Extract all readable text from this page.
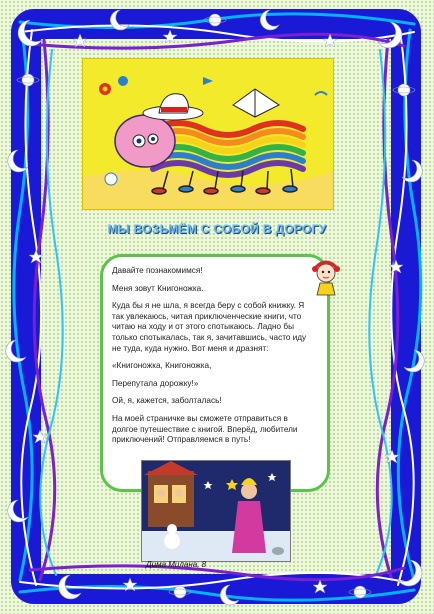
МЫ ВОЗЬМЁМ С СОБОЙ В ДОРОГУ

Давайте познакомимся!

Меня зовут Книгоножка.

Куда бы я не шла, я всегда беру с собой книжку. Я так увлекаюсь, читая приключенческие книги, что читаю на ходу и от этого спотыкаюсь. Ладно бы только спотыкалась, так я, зачитавшись, часто иду не туда, куда нужно. Вот меня и дразнят:

«Книгоножка, Книгоножка,

Перепутала дорожку!»

Ой, я, кажется, заболталась!

На моей страничке вы сможете отправиться в долгое путешествие с книгой. Вперёд, любители приключений! Отправляемся в путь!

Дима Милана, 8
